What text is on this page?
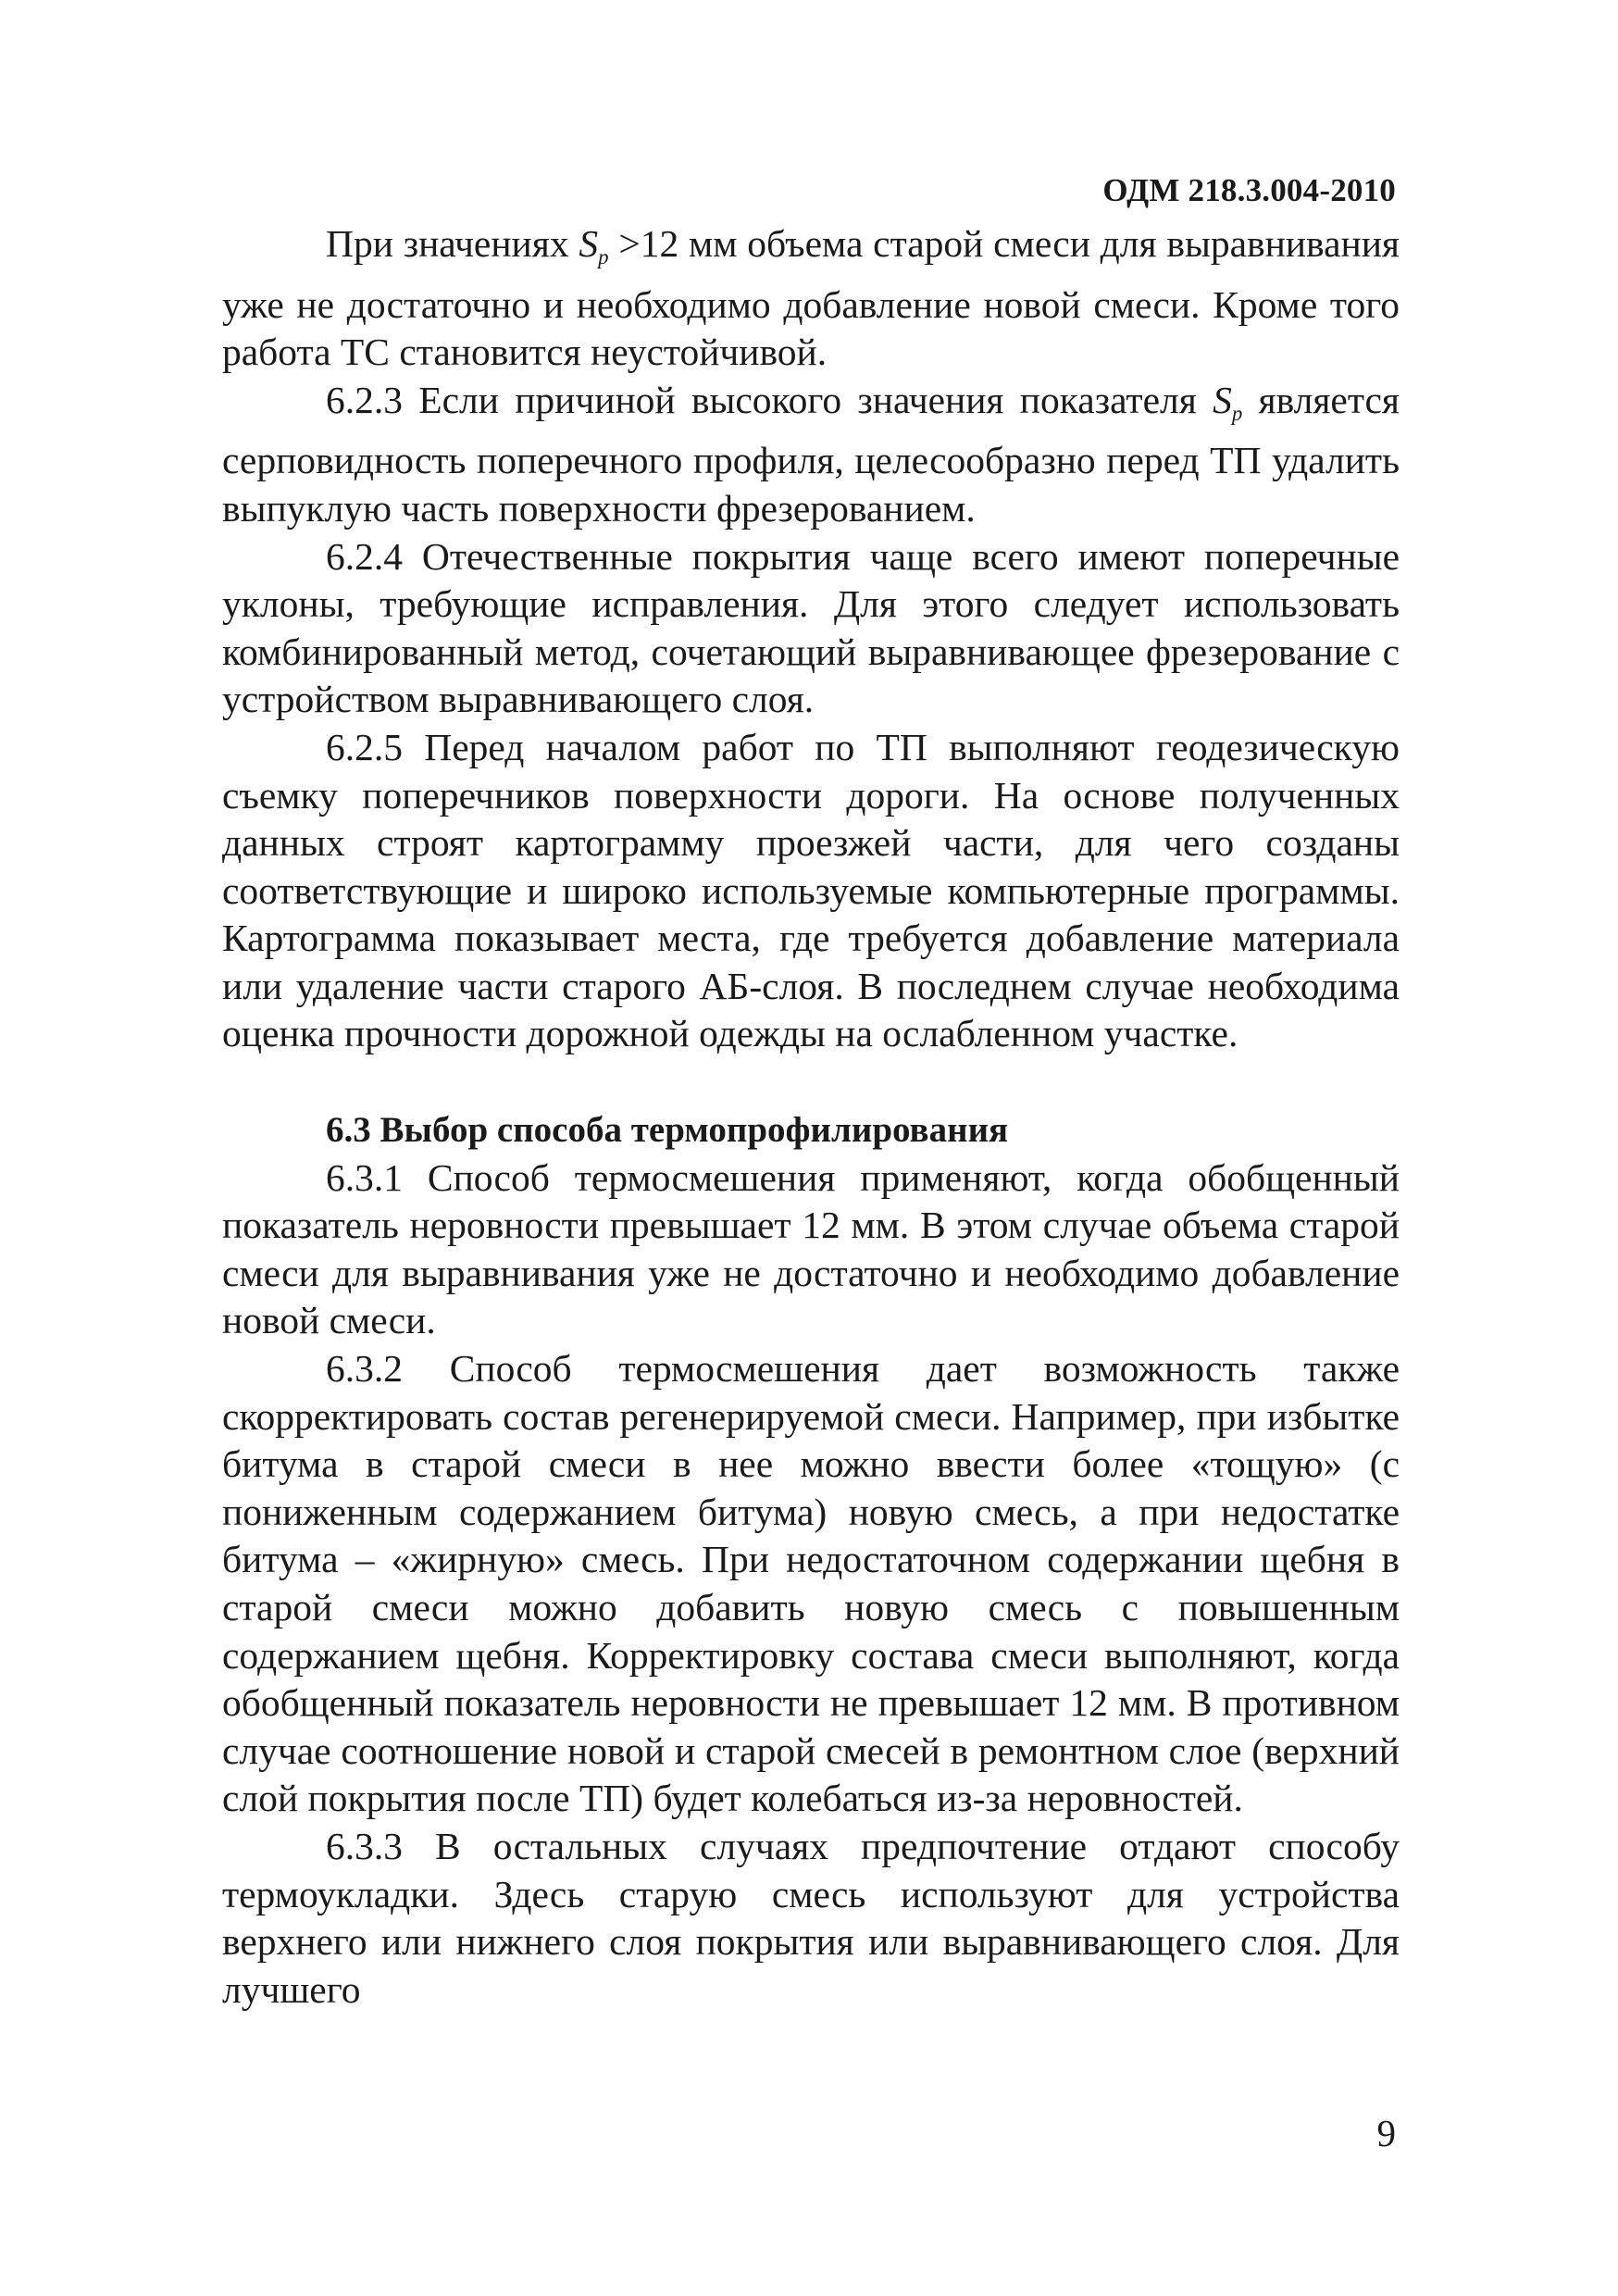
ОДМ 218.3.004-2010

При значениях $S_p >12$ мм объема старой смеси для выравнивания уже не достаточно и необходимо добавление новой смеси. Кроме того работа ТС становится неустойчивой.

6.2.3 Если причиной высокого значения показателя $S_p$ является серповидность поперечного профиля, целесообразно перед ТП удалить выпуклую часть поверхности фрезерованием.

6.2.4 Отечественные покрытия чаще всего имеют поперечные уклоны, требующие исправления. Для этого следует использовать комбинированный метод, сочетающий выравнивающее фрезерование с устройством выравнивающего слоя.

6.2.5 Перед началом работ по ТП выполняют геодезическую съемку поперечников поверхности дороги. На основе полученных данных строят картограмму проезжей части, для чего созданы соответствующие и широко используемые компьютерные программы. Картограмма показывает места, где требуется добавление материала или удаление части старого АБ-слоя. В последнем случае необходима оценка прочности дорожной одежды на ослабленном участке.

6.3 Выбор способа термопрофилирования

6.3.1 Способ термосмешения применяют, когда обобщенный показатель неровности превышает 12 мм. В этом случае объема старой смеси для выравнивания уже не достаточно и необходимо добавление новой смеси.

6.3.2 Способ термосмешения дает возможность также скорректировать состав регенерируемой смеси. Например, при избытке битума в старой смеси в нее можно ввести более «тощую» (с пониженным содержанием битума) новую смесь, а при недостатке битума – «жирную» смесь. При недостаточном содержании щебня в старой смеси можно добавить новую смесь с повышенным содержанием щебня. Корректировку состава смеси выполняют, когда обобщенный показатель неровности не превышает 12 мм. В противном случае соотношение новой и старой смесей в ремонтном слое (верхний слой покрытия после ТП) будет колебаться из-за неровностей.

6.3.3 В остальных случаях предпочтение отдают способу термоукладки. Здесь старую смесь используют для устройства верхнего или нижнего слоя покрытия или выравнивающего слоя. Для лучшего

9
